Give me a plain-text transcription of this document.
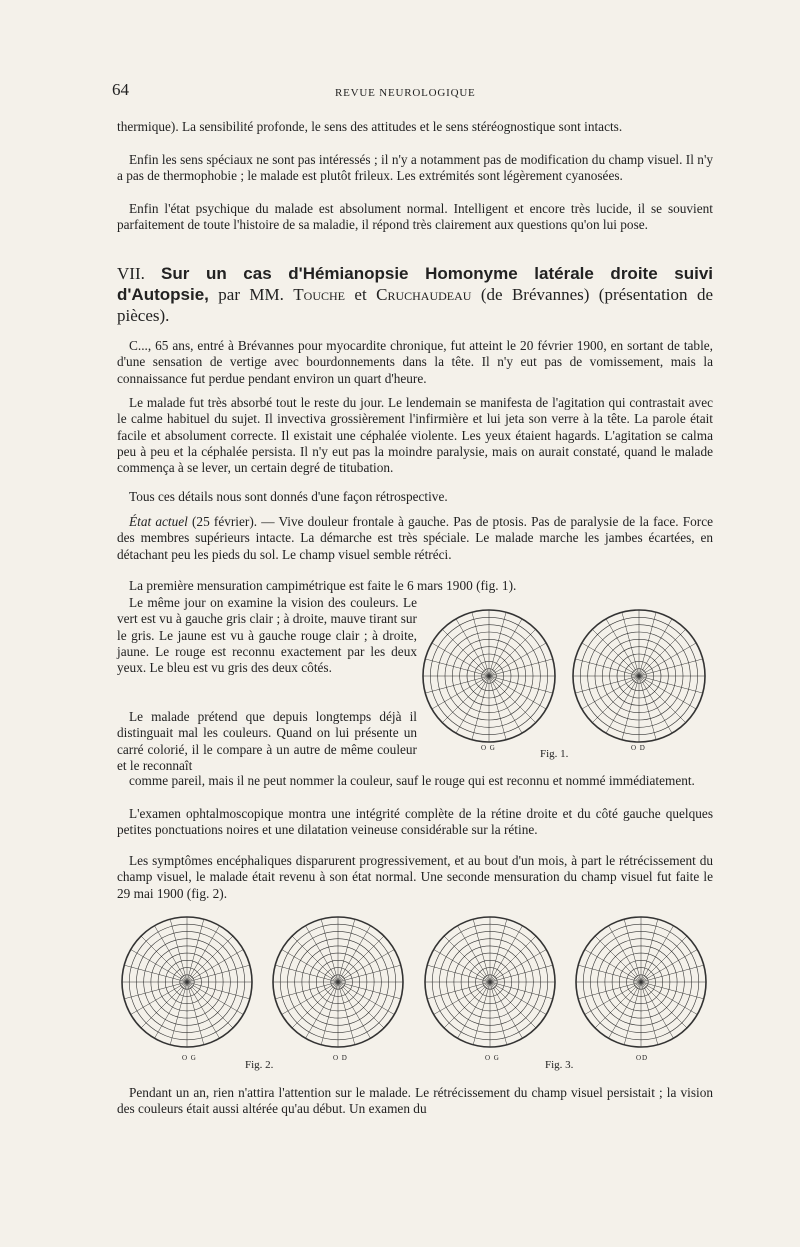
64	REVUE NEUROLOGIQUE

thermique). La sensibilité profonde, le sens des attitudes et le sens stéréognostique sont intacts.

Enfin les sens spéciaux ne sont pas intéressés ; il n'y a notamment pas de modification du champ visuel. Il n'y a pas de thermophobie ; le malade est plutôt frileux. Les extrémités sont légèrement cyanosées.

Enfin l'état psychique du malade est absolument normal. Intelligent et encore très lucide, il se souvient parfaitement de toute l'histoire de sa maladie, il répond très clairement aux questions qu'on lui pose.

VII. Sur un cas d'Hémianopsie Homonyme latérale droite suivi d'Autopsie, par MM. Touche et Cruchaudeau (de Brévannes) (présentation de pièces).

C..., 65 ans, entré à Brévannes pour myocardite chronique, fut atteint le 20 février 1900, en sortant de table, d'une sensation de vertige avec bourdonnements dans la tête. Il n'y eut pas de vomissement, mais la connaissance fut perdue pendant environ un quart d'heure.

Le malade fut très absorbé tout le reste du jour. Le lendemain se manifesta de l'agitation qui contrastait avec le calme habituel du sujet. Il invectiva grossièrement l'infirmière et lui jeta son verre à la tête. La parole était facile et absolument correcte. Il existait une céphalée violente. Les yeux étaient hagards. L'agitation se calma peu à peu et la céphalée persista. Il n'y eut pas la moindre paralysie, mais on aurait constaté, quand le malade commença à se lever, un certain degré de titubation.

Tous ces détails nous sont donnés d'une façon rétrospective.

État actuel (25 février). — Vive douleur frontale à gauche. Pas de ptosis. Pas de paralysie de la face. Force des membres supérieurs intacte. La démarche est très spéciale. Le malade marche les jambes écartées, en détachant peu les pieds du sol. Le champ visuel semble rétréci.

La première mensuration campimétrique est faite le 6 mars 1900 (fig. 1).

Le même jour on examine la vision des couleurs. Le vert est vu à gauche gris clair ; à droite, mauve tirant sur le gris. Le jaune est vu à gauche rouge clair ; à droite, jaune. Le rouge est reconnu exactement par les deux yeux. Le bleu est vu gris des deux côtés.

Le malade prétend que depuis longtemps déjà il distinguait mal les couleurs. Quand on lui présente un carré colorié, il le compare à un autre de même couleur et le reconnaît

comme pareil, mais il ne peut nommer la couleur, sauf le rouge qui est reconnu et nommé immédiatement.

L'examen ophtalmoscopique montra une intégrité complète de la rétine droite et du côté gauche quelques petites ponctuations noires et une dilatation veineuse considérable sur la rétine.

Les symptômes encéphaliques disparurent progressivement, et au bout d'un mois, à part le rétrécissement du champ visuel, le malade était revenu à son état normal. Une seconde mensuration du champ visuel fut faite le 29 mai 1900 (fig. 2).

O G	O D
Fig. 1.
O G	O D	O G	OD
Fig. 2.	Fig. 3.

Pendant un an, rien n'attira l'attention sur le malade. Le rétrécissement du champ visuel persistait ; la vision des couleurs était aussi altérée qu'au début. Un examen du
